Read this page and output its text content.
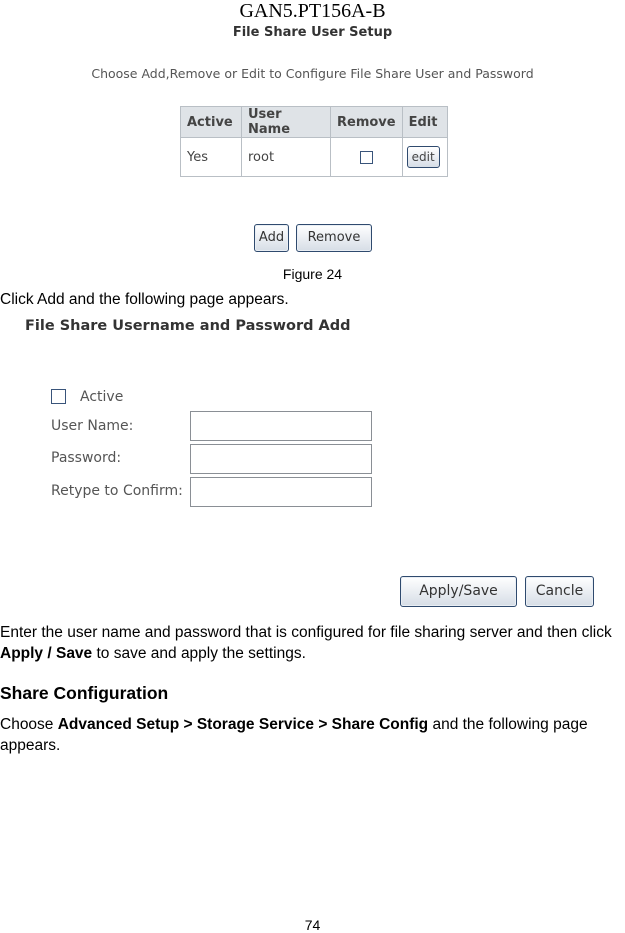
GAN5.PT156A-B
File Share User Setup
Choose Add,Remove or Edit to Configure File Share User and Password
Active	User Name	Remove	Edit
Yes	root		edit
Add	Remove
Figure 24
Click Add and the following page appears.
File Share Username and Password Add
Active
User Name:
Password:
Retype to Confirm:
Apply/Save	Cancle
Enter the user name and password that is configured for file sharing server and then click Apply / Save to save and apply the settings.
Share Configuration
Choose Advanced Setup > Storage Service > Share Config and the following page appears.
74
